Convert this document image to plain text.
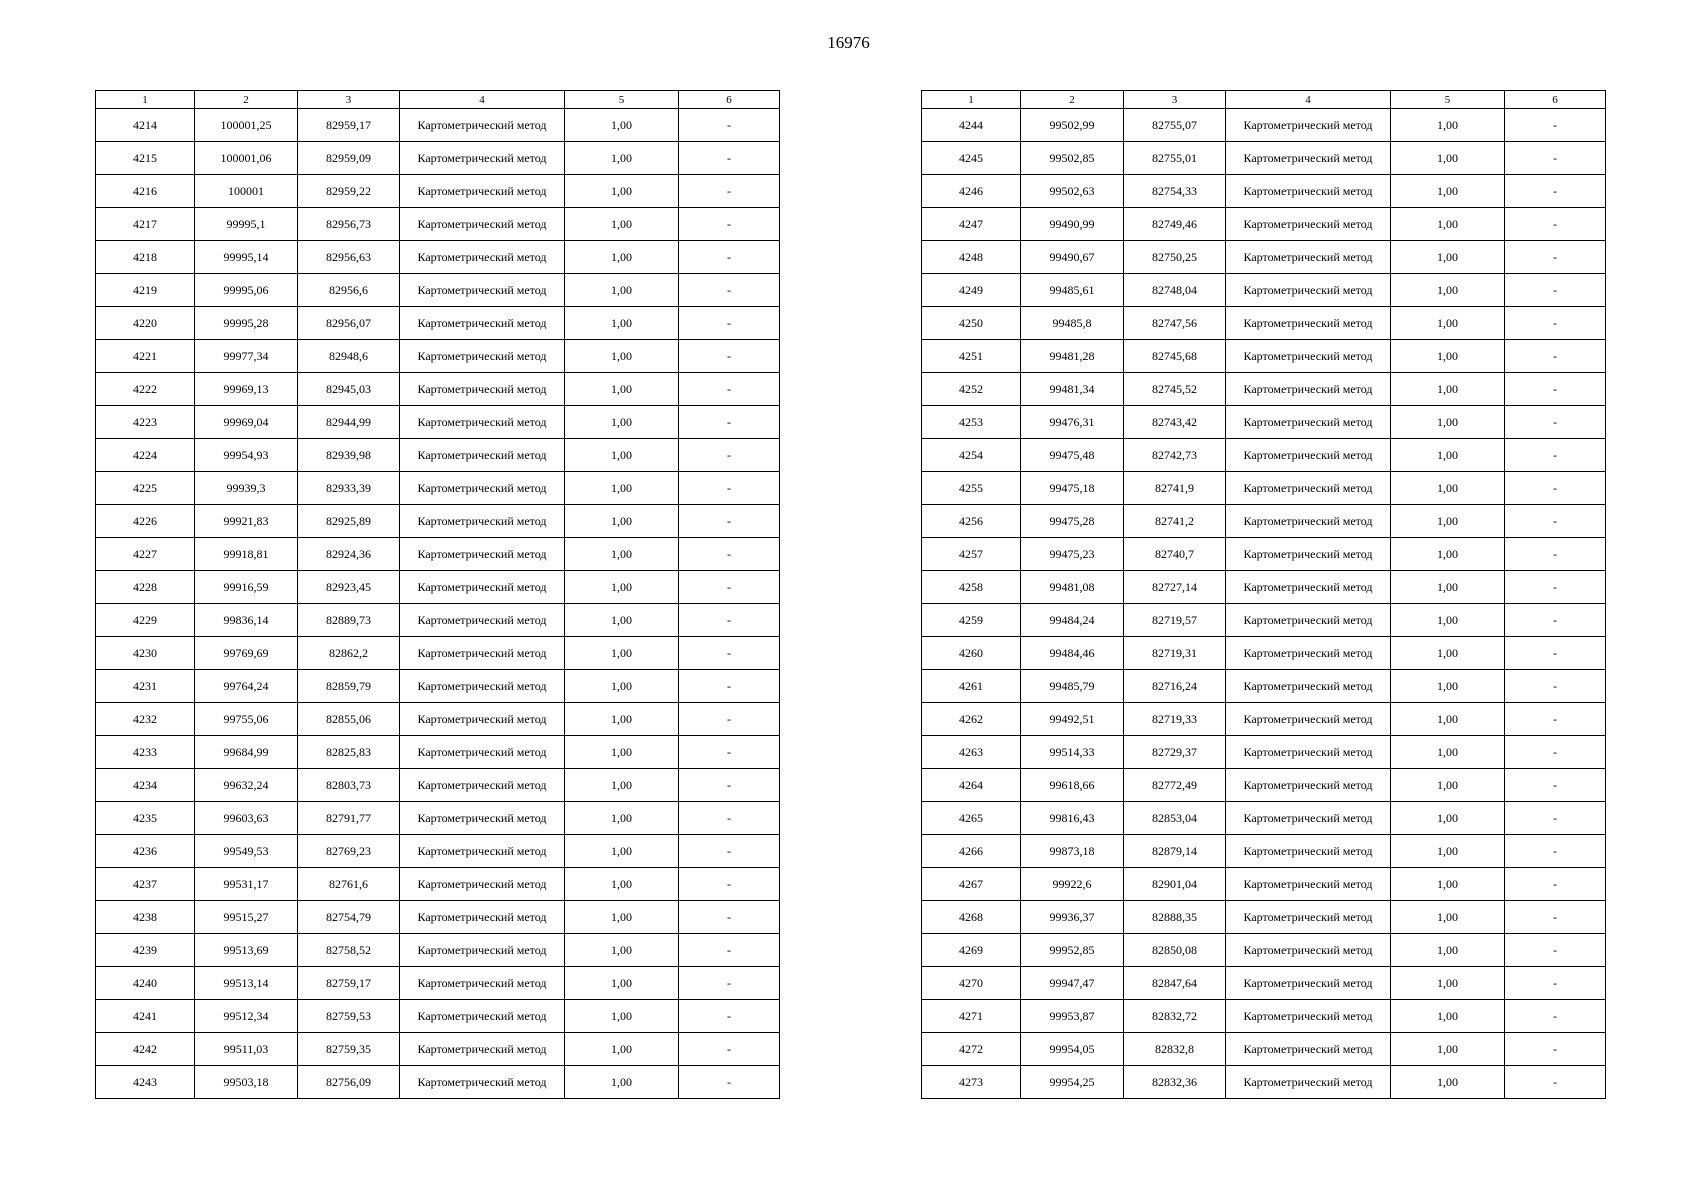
16976
1	2	3	4	5	6
4214	100001,25	82959,17	Картометрический метод	1,00	-
4215	100001,06	82959,09	Картометрический метод	1,00	-
4216	100001	82959,22	Картометрический метод	1,00	-
4217	99995,1	82956,73	Картометрический метод	1,00	-
4218	99995,14	82956,63	Картометрический метод	1,00	-
4219	99995,06	82956,6	Картометрический метод	1,00	-
4220	99995,28	82956,07	Картометрический метод	1,00	-
4221	99977,34	82948,6	Картометрический метод	1,00	-
4222	99969,13	82945,03	Картометрический метод	1,00	-
4223	99969,04	82944,99	Картометрический метод	1,00	-
4224	99954,93	82939,98	Картометрический метод	1,00	-
4225	99939,3	82933,39	Картометрический метод	1,00	-
4226	99921,83	82925,89	Картометрический метод	1,00	-
4227	99918,81	82924,36	Картометрический метод	1,00	-
4228	99916,59	82923,45	Картометрический метод	1,00	-
4229	99836,14	82889,73	Картометрический метод	1,00	-
4230	99769,69	82862,2	Картометрический метод	1,00	-
4231	99764,24	82859,79	Картометрический метод	1,00	-
4232	99755,06	82855,06	Картометрический метод	1,00	-
4233	99684,99	82825,83	Картометрический метод	1,00	-
4234	99632,24	82803,73	Картометрический метод	1,00	-
4235	99603,63	82791,77	Картометрический метод	1,00	-
4236	99549,53	82769,23	Картометрический метод	1,00	-
4237	99531,17	82761,6	Картометрический метод	1,00	-
4238	99515,27	82754,79	Картометрический метод	1,00	-
4239	99513,69	82758,52	Картометрический метод	1,00	-
4240	99513,14	82759,17	Картометрический метод	1,00	-
4241	99512,34	82759,53	Картометрический метод	1,00	-
4242	99511,03	82759,35	Картометрический метод	1,00	-
4243	99503,18	82756,09	Картометрический метод	1,00	-
1	2	3	4	5	6
4244	99502,99	82755,07	Картометрический метод	1,00	-
4245	99502,85	82755,01	Картометрический метод	1,00	-
4246	99502,63	82754,33	Картометрический метод	1,00	-
4247	99490,99	82749,46	Картометрический метод	1,00	-
4248	99490,67	82750,25	Картометрический метод	1,00	-
4249	99485,61	82748,04	Картометрический метод	1,00	-
4250	99485,8	82747,56	Картометрический метод	1,00	-
4251	99481,28	82745,68	Картометрический метод	1,00	-
4252	99481,34	82745,52	Картометрический метод	1,00	-
4253	99476,31	82743,42	Картометрический метод	1,00	-
4254	99475,48	82742,73	Картометрический метод	1,00	-
4255	99475,18	82741,9	Картометрический метод	1,00	-
4256	99475,28	82741,2	Картометрический метод	1,00	-
4257	99475,23	82740,7	Картометрический метод	1,00	-
4258	99481,08	82727,14	Картометрический метод	1,00	-
4259	99484,24	82719,57	Картометрический метод	1,00	-
4260	99484,46	82719,31	Картометрический метод	1,00	-
4261	99485,79	82716,24	Картометрический метод	1,00	-
4262	99492,51	82719,33	Картометрический метод	1,00	-
4263	99514,33	82729,37	Картометрический метод	1,00	-
4264	99618,66	82772,49	Картометрический метод	1,00	-
4265	99816,43	82853,04	Картометрический метод	1,00	-
4266	99873,18	82879,14	Картометрический метод	1,00	-
4267	99922,6	82901,04	Картометрический метод	1,00	-
4268	99936,37	82888,35	Картометрический метод	1,00	-
4269	99952,85	82850,08	Картометрический метод	1,00	-
4270	99947,47	82847,64	Картометрический метод	1,00	-
4271	99953,87	82832,72	Картометрический метод	1,00	-
4272	99954,05	82832,8	Картометрический метод	1,00	-
4273	99954,25	82832,36	Картометрический метод	1,00	-
